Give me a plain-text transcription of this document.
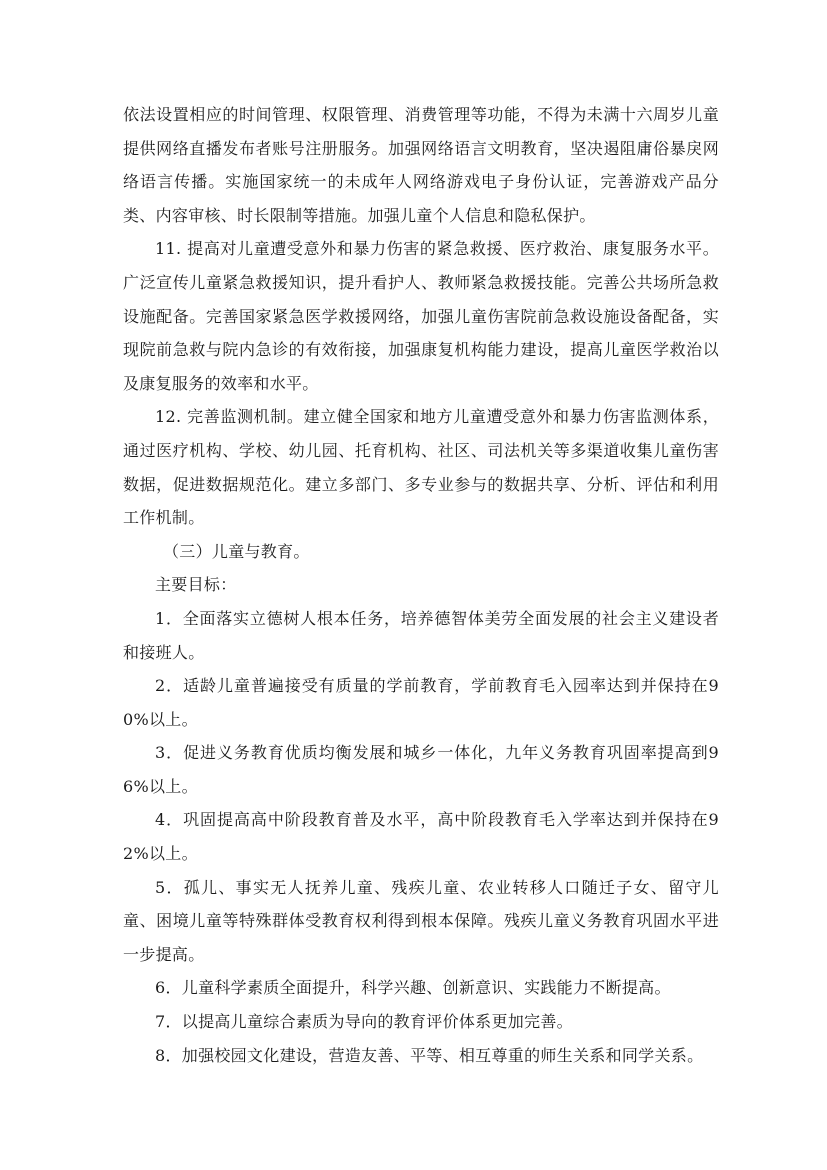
依法设置相应的时间管理、权限管理、消费管理等功能，不得为未满十六周岁儿童提供网络直播发布者账号注册服务。加强网络语言文明教育，坚决遏阻庸俗暴戾网络语言传播。实施国家统一的未成年人网络游戏电子身份认证，完善游戏产品分类、内容审核、时长限制等措施。加强儿童个人信息和隐私保护。

11. 提高对儿童遭受意外和暴力伤害的紧急救援、医疗救治、康复服务水平。广泛宣传儿童紧急救援知识，提升看护人、教师紧急救援技能。完善公共场所急救设施配备。完善国家紧急医学救援网络，加强儿童伤害院前急救设施设备配备，实现院前急救与院内急诊的有效衔接，加强康复机构能力建设，提高儿童医学救治以及康复服务的效率和水平。

12. 完善监测机制。建立健全国家和地方儿童遭受意外和暴力伤害监测体系，通过医疗机构、学校、幼儿园、托育机构、社区、司法机关等多渠道收集儿童伤害数据，促进数据规范化。建立多部门、多专业参与的数据共享、分析、评估和利用工作机制。

（三）儿童与教育。

主要目标：

1．全面落实立德树人根本任务，培养德智体美劳全面发展的社会主义建设者和接班人。

2．适龄儿童普遍接受有质量的学前教育，学前教育毛入园率达到并保持在90%以上。

3．促进义务教育优质均衡发展和城乡一体化，九年义务教育巩固率提高到96%以上。

4．巩固提高高中阶段教育普及水平，高中阶段教育毛入学率达到并保持在92%以上。

5．孤儿、事实无人抚养儿童、残疾儿童、农业转移人口随迁子女、留守儿童、困境儿童等特殊群体受教育权利得到根本保障。残疾儿童义务教育巩固水平进一步提高。

6．儿童科学素质全面提升，科学兴趣、创新意识、实践能力不断提高。

7．以提高儿童综合素质为导向的教育评价体系更加完善。

8．加强校园文化建设，营造友善、平等、相互尊重的师生关系和同学关系。
